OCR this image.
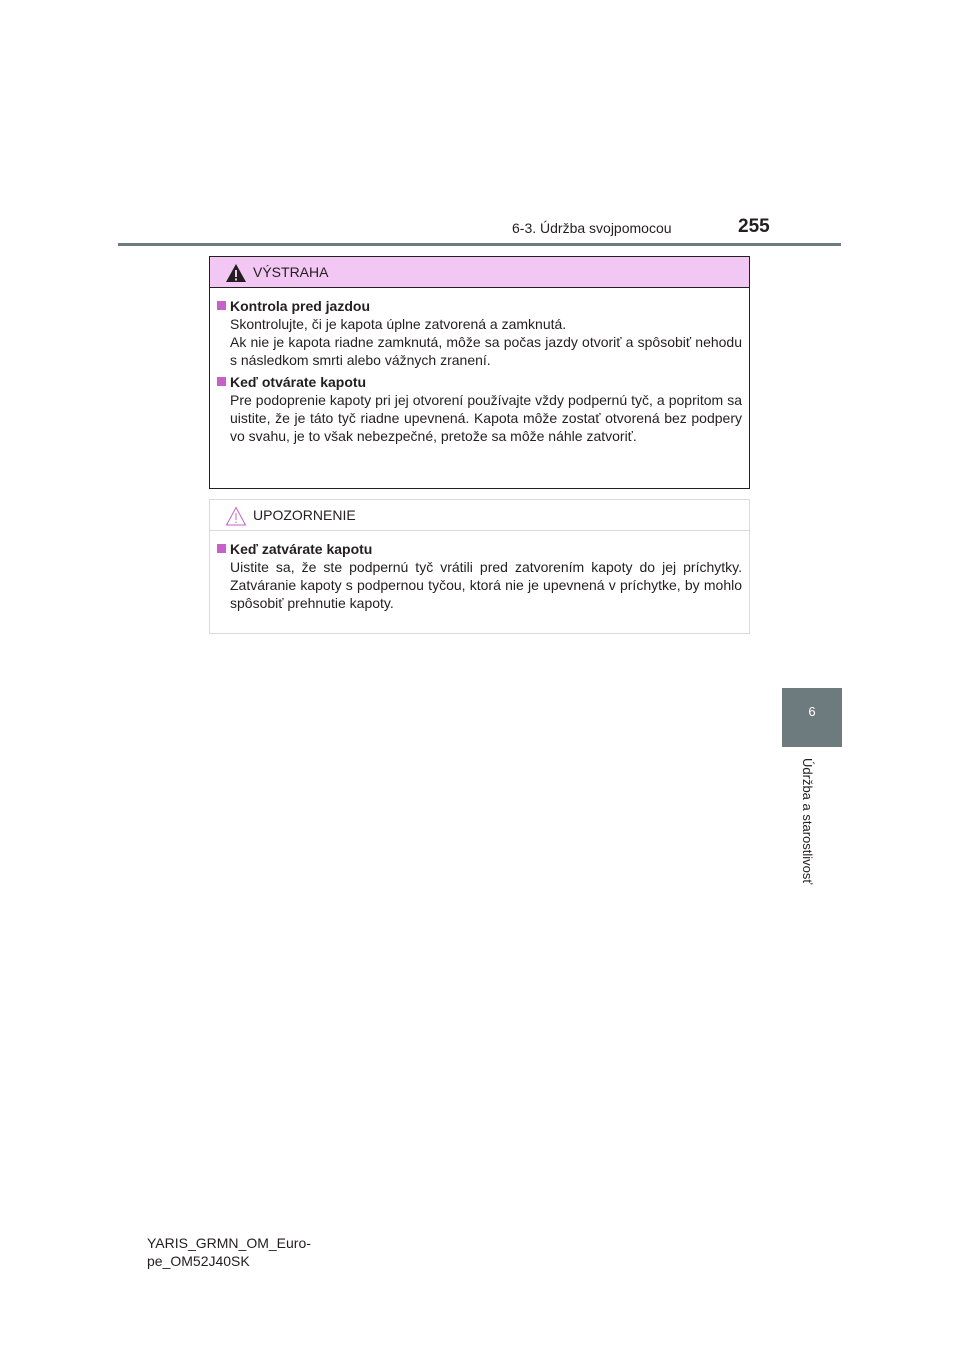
6-3. Údržba svojpomocou	255
VÝSTRAHA
Kontrola pred jazdou

Skontrolujte, či je kapota úplne zatvorená a zamknutá.

Ak nie je kapota riadne zamknutá, môže sa počas jazdy otvoriť a spôsobiť nehodu s následkom smrti alebo vážnych zranení.

Keď otvárate kapotu

Pre podoprenie kapoty pri jej otvorení používajte vždy podpernú tyč, a popritom sa uistite, že je táto tyč riadne upevnená. Kapota môže zostať otvorená bez podpery vo svahu, je to však nebezpečné, pretože sa môže náhle zatvoriť.

UPOZORNENIE
Keď zatvárate kapotu

Uistite sa, že ste podpernú tyč vrátili pred zatvorením kapoty do jej príchytky. Zatváranie kapoty s podpernou tyčou, ktorá nie je upevnená v príchytke, by mohlo spôsobiť prehnutie kapoty.

6
Údržba a starostlivosť
YARIS_GRMN_OM_Euro-
pe_OM52J40SK
